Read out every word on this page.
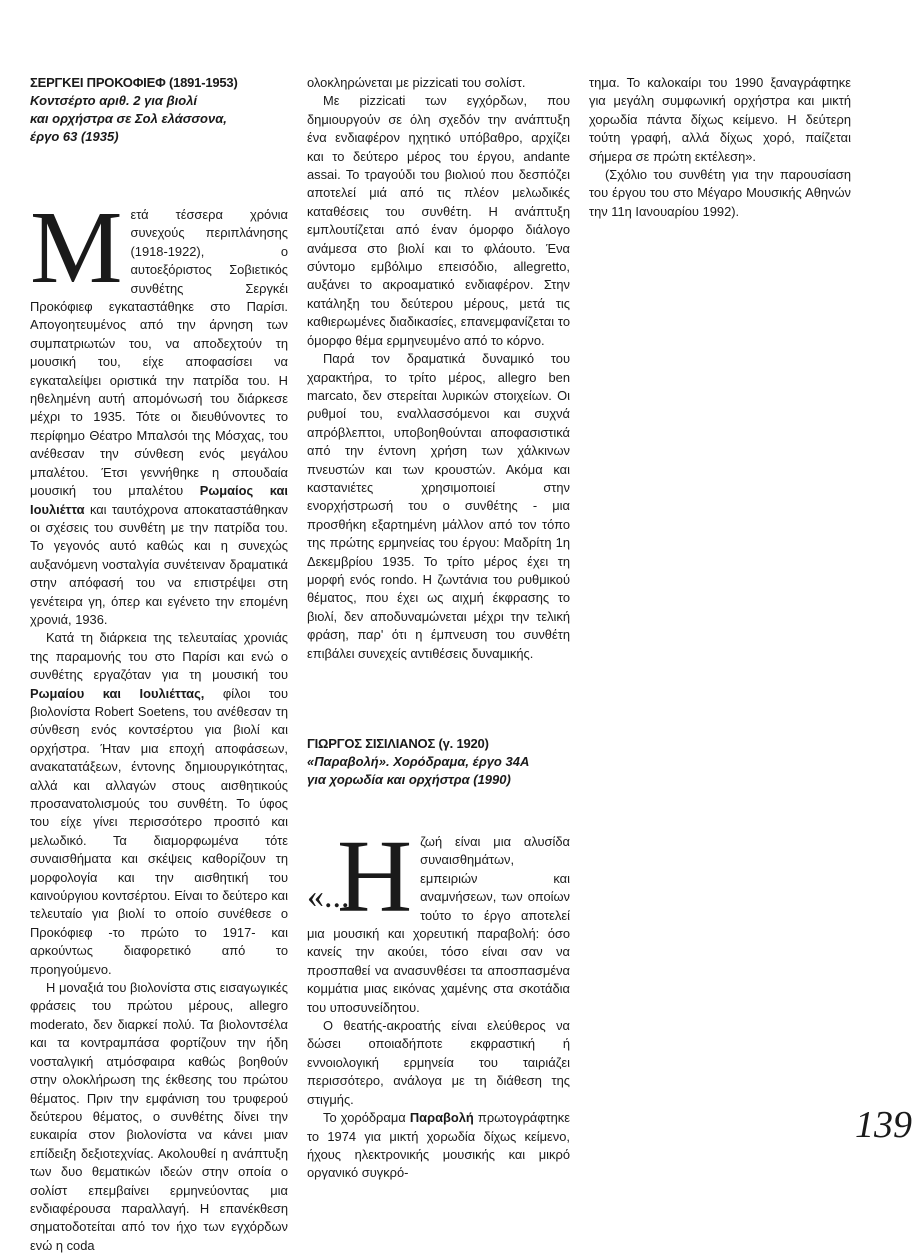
ΣΕΡΓΚΕΙ ΠΡΟΚΟΦΙΕΦ (1891-1953)
Κοντσέρτο αριθ. 2 για βιολί
και ορχήστρα σε Σολ ελάσσονα,
έργο 63 (1935)
Μ ετά τέσσερα χρόνια συνεχούς περιπλάνησης (1918-1922), ο αυτοεξόριστος Σοβιετικός συνθέτης Σεργκέι Προκόφιεφ εγκαταστάθηκε στο Παρίσι. Απογοητευμένος από την άρνηση των συμπατριωτών του, να αποδεχτούν τη μουσική του, είχε αποφασίσει να εγκαταλείψει οριστικά την πατρίδα του. Η ηθελημένη αυτή απομόνωσή του διάρκεσε μέχρι το 1935. Τότε οι διευθύνοντες το περίφημο Θέατρο Μπαλσόι της Μόσχας, του ανέθεσαν την σύνθεση ενός μεγάλου μπαλέτου. Έτσι γεννήθηκε η σπουδαία μουσική του μπαλέτου Ρωμαίος και Ιουλιέττα και ταυτόχρονα αποκαταστάθηκαν οι σχέσεις του συνθέτη με την πατρίδα του. Το γεγονός αυτό καθώς και η συνεχώς αυξανόμενη νοσταλγία συνέτειναν δραματικά στην απόφασή του να επιστρέψει στη γενέτειρα γη, όπερ και εγένετο την επομένη χρονιά, 1936.

Κατά τη διάρκεια της τελευταίας χρονιάς της παραμονής του στο Παρίσι και ενώ ο συνθέτης εργαζόταν για τη μουσική του Ρωμαίου και Ιουλιέττας, φίλοι του βιολονίστα Robert Soetens, του ανέθεσαν τη σύνθεση ενός κοντσέρτου για βιολί και ορχήστρα. Ήταν μια εποχή αποφάσεων, ανακατατάξεων, έντονης δημιουργικότητας, αλλά και αλλαγών στους αισθητικούς προσανατολισμούς του συνθέτη. Το ύφος του είχε γίνει περισσότερο προσιτό και μελωδικό. Τα διαμορφωμένα τότε συναισθήματα και σκέψεις καθορίζουν τη μορφολογία και την αισθητική του καινούργιου κοντσέρτου. Είναι το δεύτερο και τελευταίο για βιολί το οποίο συνέθεσε ο Προκόφιεφ -το πρώτο το 1917- και αρκούντως διαφορετικό από το προηγούμενο.

Η μοναξιά του βιολονίστα στις εισαγωγικές φράσεις του πρώτου μέρους, allegro moderato, δεν διαρκεί πολύ. Τα βιολοντσέλα και τα κοντραμπάσα φορτίζουν την ήδη νοσταλγική ατμόσφαιρα καθώς βοηθούν στην ολοκλήρωση της έκθεσης του πρώτου θέματος. Πριν την εμφάνιση του τρυφερού δεύτερου θέματος, ο συνθέτης δίνει την ευκαιρία στον βιολονίστα να κάνει μιαν επίδειξη δεξιοτεχνίας. Ακολουθεί η ανάπτυξη των δυο θεματικών ιδεών στην οποία ο σολίστ επεμβαίνει ερμηνεύοντας μια ενδιαφέρουσα παραλλαγή. Η επανέκθεση σηματοδοτείται από τον ήχο των εγχόρδων ενώ η coda

ολοκληρώνεται με pizzicati του σολίστ.

Με pizzicati των εγχόρδων, που δημιουργούν σε όλη σχεδόν την ανάπτυξη ένα ενδιαφέρον ηχητικό υπόβαθρο, αρχίζει και το δεύτερο μέρος του έργου, andante assai. Το τραγούδι του βιολιού που δεσπόζει αποτελεί μιά από τις πλέον μελωδικές καταθέσεις του συνθέτη. Η ανάπτυξη εμπλουτίζεται από έναν όμορφο διάλογο ανάμεσα στο βιολί και το φλάουτο. Ένα σύντομο εμβόλιμο επεισόδιο, allegretto, αυξάνει το ακροαματικό ενδιαφέρον. Στην κατάληξη του δεύτερου μέρους, μετά τις καθιερωμένες διαδικασίες, επανεμφανίζεται το όμορφο θέμα ερμηνευμένο από το κόρνο.

Παρά τον δραματικά δυναμικό του χαρακτήρα, το τρίτο μέρος, allegro ben marcato, δεν στερείται λυρικών στοιχείων. Οι ρυθμοί του, εναλλασσόμενοι και συχνά απρόβλεπτοι, υποβοηθούνται αποφασιστικά από την έντονη χρήση των χάλκινων πνευστών και των κρουστών. Ακόμα και καστανιέτες χρησιμοποιεί στην ενορχήστρωσή του ο συνθέτης - μια προσθήκη εξαρτημένη μάλλον από τον τόπο της πρώτης ερμηνείας του έργου: Μαδρίτη 1η Δεκεμβρίου 1935. Το τρίτο μέρος έχει τη μορφή ενός rondo. Η ζωντάνια του ρυθμικού θέματος, που έχει ως αιχμή έκφρασης το βιολί, δεν αποδυναμώνεται μέχρι την τελική φράση, παρ' ότι η έμπνευση του συνθέτη επιβάλει συνεχείς αντιθέσεις δυναμικής.

ΓΙΩΡΓΟΣ ΣΙΣΙΛΙΑΝΟΣ (γ. 1920)
«Παραβολή». Χορόδραμα, έργο 34Α
για χορωδία και ορχήστρα (1990)
«...
Η ζωή είναι μια αλυσίδα συναισθημάτων, εμπειριών και αναμνήσεων, των οποίων τούτο το έργο αποτελεί μια μουσική και χορευτική παραβολή: όσο κανείς την ακούει, τόσο είναι σαν να προσπαθεί να ανασυνθέσει τα αποσπασμένα κομμάτια μιας εικόνας χαμένης στα σκοτάδια του υποσυνείδητου.

Ο θεατής-ακροατής είναι ελεύθερος να δώσει οποιαδήποτε εκφραστική ή εννοιολογική ερμηνεία του ταιριάζει περισσότερο, ανάλογα με τη διάθεση της στιγμής.

Το χορόδραμα Παραβολή πρωτογράφτηκε το 1974 για μικτή χορωδία δίχως κείμενο, ήχους ηλεκτρονικής μουσικής και μικρό οργανικό συγκρό-

τημα. Το καλοκαίρι του 1990 ξαναγράφτηκε για μεγάλη συμφωνική ορχήστρα και μικτή χορωδία πάντα δίχως κείμενο. Η δεύτερη τούτη γραφή, αλλά δίχως χορό, παίζεται σήμερα σε πρώτη εκτέλεση».

(Σχόλιο του συνθέτη για την παρουσίαση του έργου του στο Μέγαρο Μουσικής Αθηνών την 11η Ιανουαρίου 1992).

139
